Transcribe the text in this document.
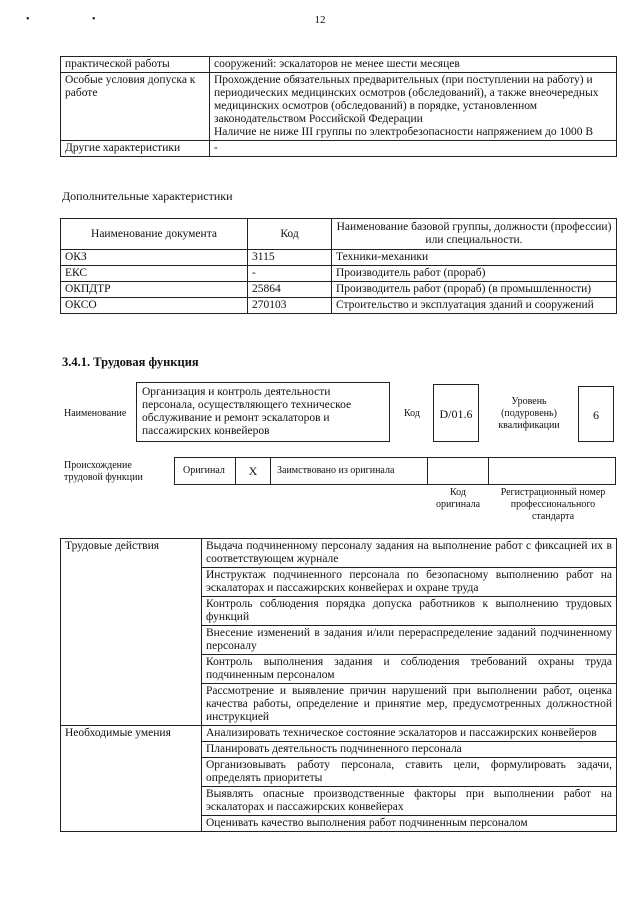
• •	12
практической работы	сооружений: эскалаторов не менее шести месяцев
Особые условия допуска к работе	Прохождение обязательных предварительных (при поступлении на работу) и периодических медицинских осмотров (обследований), а также внеочередных медицинских осмотров (обследований) в порядке, установленном законодательством Российской Федерации
Наличие не ниже III группы по электробезопасности напряжением до 1000 В

Другие характеристики	-
Дополнительные характеристики
Наименование документа	Код	Наименование базовой группы, должности (профессии) или специальности.
ОКЗ	3115	Техники-механики
ЕКС	-	Производитель работ (прораб)
ОКПДТР	25864	Производитель работ (прораб) (в промышленности)
ОКСО	270103	Строительство и эксплуатация зданий и сооружений
3.4.1. Трудовая функция
Наименование
Организация и контроль деятельности персонала, осуществляющего техническое обслуживание и ремонт эскалаторов и пассажирских конвейеров
Код	D/01.6
Уровень (подуровень) квалификации
6
Происхождение трудовой функции
Оригинал	X	Заимствовано из оригинала
Код оригинала
Регистрационный номер профессионального стандарта
Трудовые действия	Выдача подчиненному персоналу задания на выполнение работ с фиксацией их в соответствующем журнале
	Инструктаж подчиненного персонала по безопасному выполнению работ на эскалаторах и пассажирских конвейерах и охране труда
	Контроль соблюдения порядка допуска работников к выполнению трудовых функций
	Внесение изменений в задания и/или перераспределение заданий подчиненному персоналу
	Контроль выполнения задания и соблюдения требований охраны труда подчиненным персоналом
	Рассмотрение и выявление причин нарушений при выполнении работ, оценка качества работы, определение и принятие мер, предусмотренных должностной инструкцией
Необходимые умения	Анализировать техническое состояние эскалаторов и пассажирских конвейеров
	Планировать деятельность подчиненного персонала
	Организовывать работу персонала, ставить цели, формулировать задачи, определять приоритеты
	Выявлять опасные производственные факторы при выполнении работ на эскалаторах и пассажирских конвейерах
	Оценивать качество выполнения работ подчиненным персоналом
